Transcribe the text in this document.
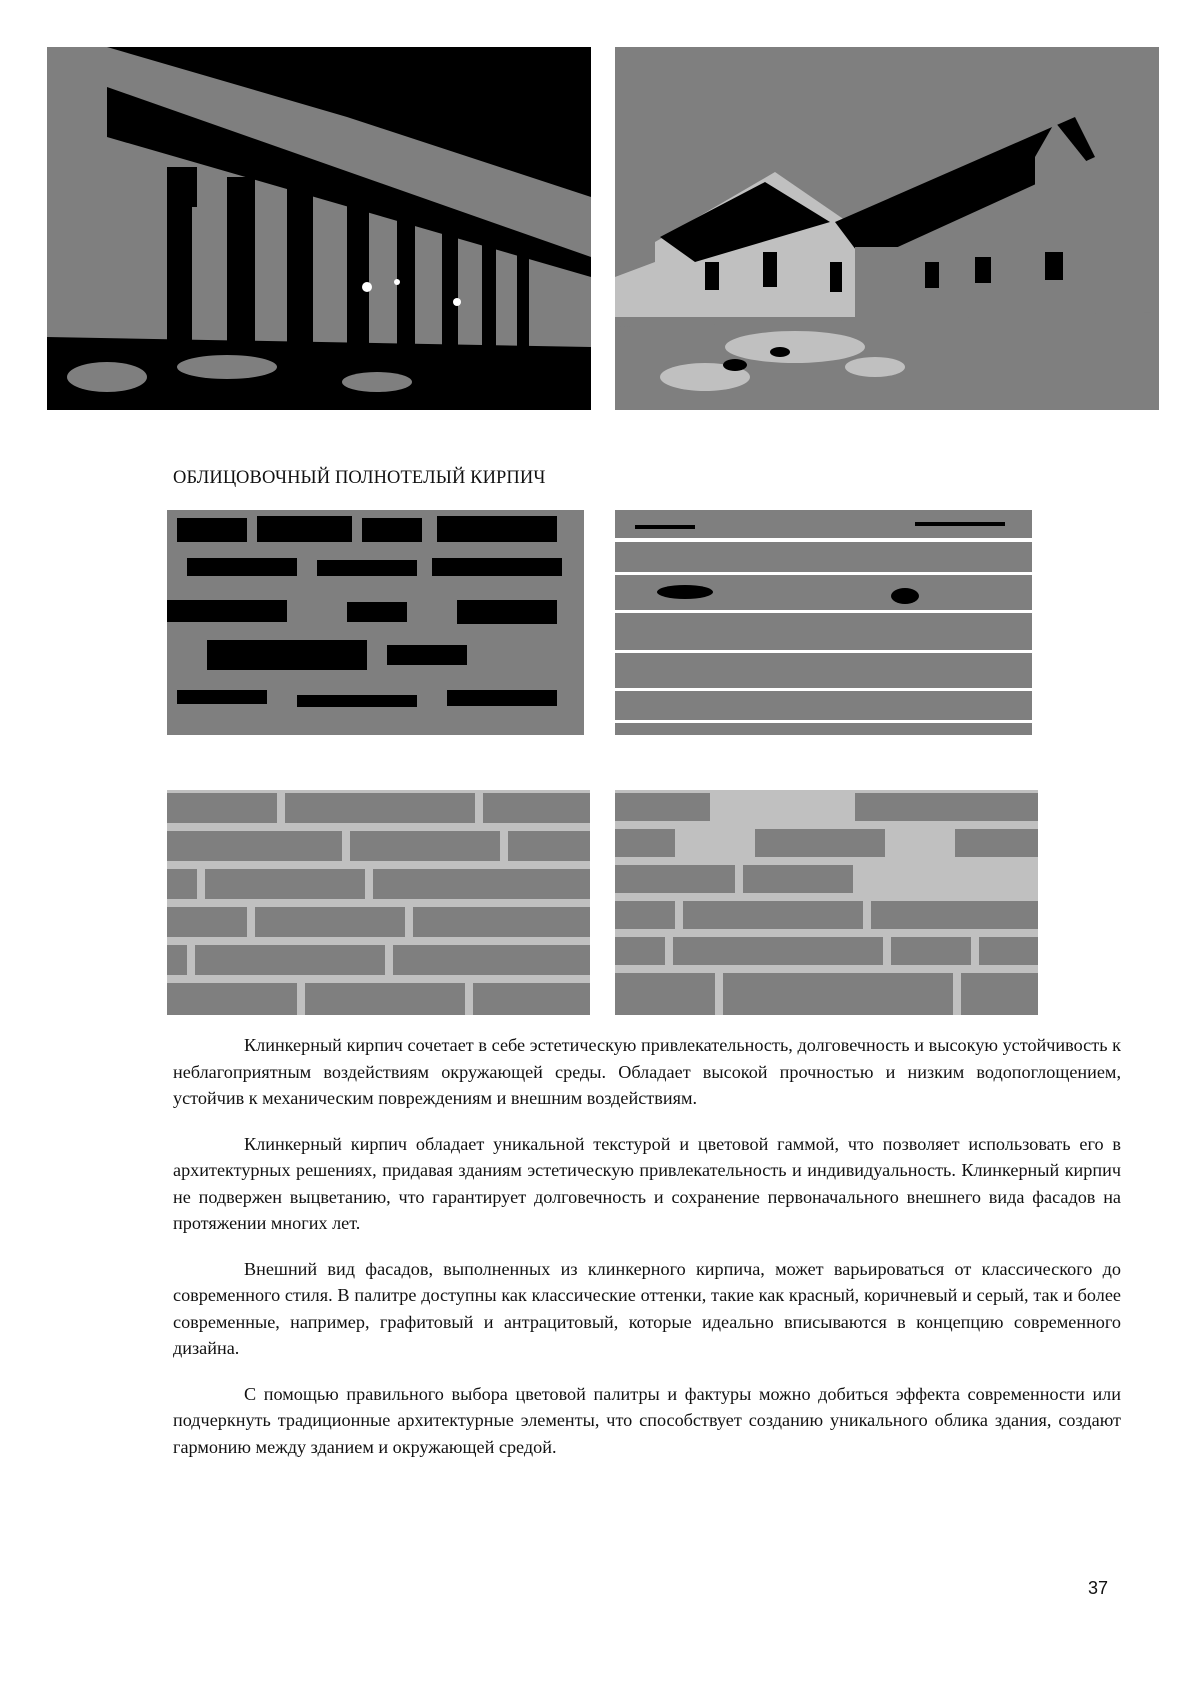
ОБЛИЦОВОЧНЫЙ ПОЛНОТЕЛЫЙ КИРПИЧ

Клинкерный кирпич сочетает в себе эстетическую привлекательность, долговечность и высокую устойчивость к неблагоприятным воздействиям окружающей среды. Обладает высокой прочностью и низким водопоглощением, устойчив к механическим повреждениям и внешним воздействиям.

Клинкерный кирпич обладает уникальной текстурой и цветовой гаммой, что позволяет использовать его в архитектурных решениях, придавая зданиям эстетическую привлекательность и индивидуальность. Клинкерный кирпич не подвержен выцветанию, что гарантирует долговечность и сохранение первоначального внешнего вида фасадов на протяжении многих лет.

Внешний вид фасадов, выполненных из клинкерного кирпича, может варьироваться от классического до современного стиля. В палитре доступны как классические оттенки, такие как красный, коричневый и серый, так и более современные, например, графитовый и антрацитовый, которые идеально вписываются в концепцию современного дизайна.

С помощью правильного выбора цветовой палитры и фактуры можно добиться эффекта современности или подчеркнуть традиционные архитектурные элементы, что способствует созданию уникального облика здания, создают гармонию между зданием и окружающей средой.

37
